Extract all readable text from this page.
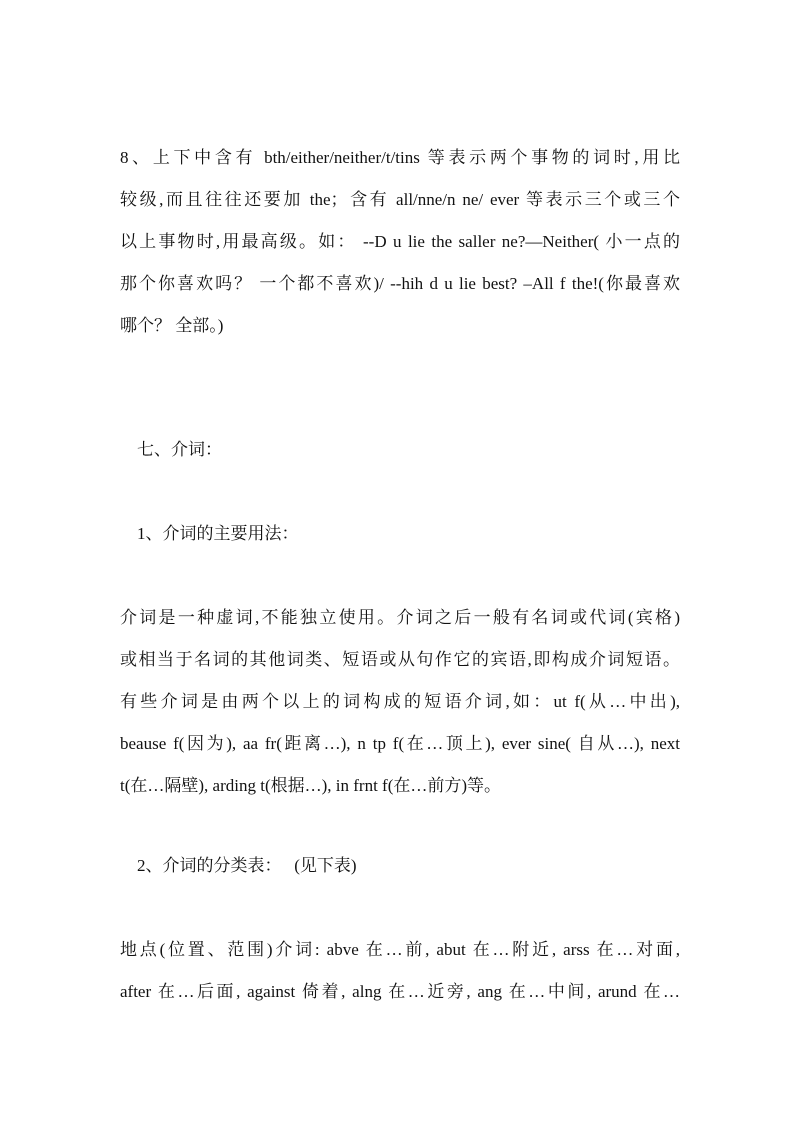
8、上下中含有 bth/either/neither/t/tins 等表示两个事物的词时,用比
较级,而且往往还要加 the；含有 all/nne/n ne/ ever 等表示三个或三个
以上事物时,用最高级。如： --D u lie the saller ne?—Neither( 小一点的
那个你喜欢吗？ 一个都不喜欢)/ --hih d u lie best? –All f the!(你最喜欢
哪个？ 全部。)
七、介词：
1、介词的主要用法：
介词是一种虚词,不能独立使用。介词之后一般有名词或代词(宾格)
或相当于名词的其他词类、短语或从句作它的宾语,即构成介词短语。
有些介词是由两个以上的词构成的短语介词,如：ut f(从…中出),
beause f(因为), aa fr(距离…), n tp f(在…顶上), ever sine( 自从…), next
t(在…隔壁), arding t(根据…), in frnt f(在…前方)等。
2、介词的分类表：   (见下表)
地点(位置、范围)介词: abve 在…前, abut 在…附近, arss 在…对面,
after 在…后面, against 倚着, alng 在…近旁, ang 在…中间, arund 在…
